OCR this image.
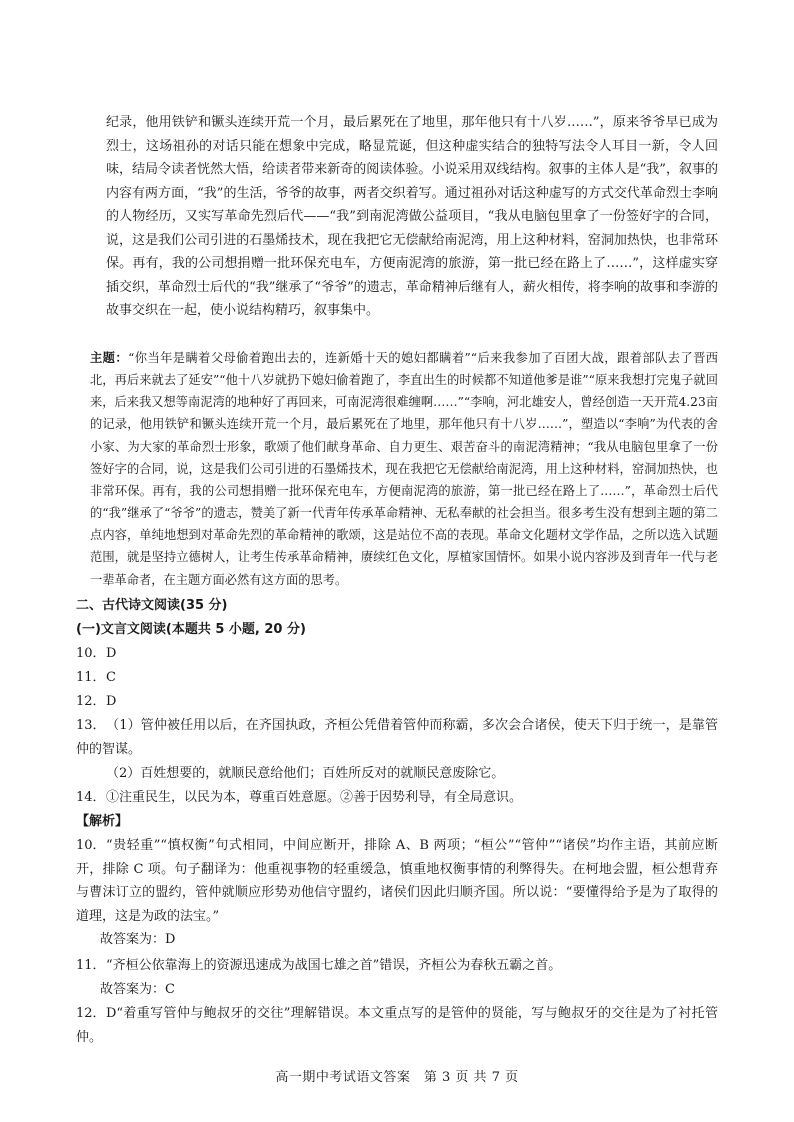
纪录，他用铁铲和镢头连续开荒一个月，最后累死在了地里，那年他只有十八岁……”，原来爷爷早已成为烈士，这场祖孙的对话只能在想象中完成，略显荒诞，但这种虚实结合的独特写法令人耳目一新，令人回味，结局令读者恍然大悟，给读者带来新奇的阅读体验。小说采用双线结构。叙事的主体人是“我”，叙事的内容有两方面，“我”的生活，爷爷的故事，两者交织着写。通过祖孙对话这种虚写的方式交代革命烈士李响的人物经历，又实写革命先烈后代——“我”到南泥湾做公益项目，“我从电脑包里拿了一份签好字的合同，说，这是我们公司引进的石墨烯技术，现在我把它无偿献给南泥湾，用上这种材料，窑洞加热快，也非常环保。再有，我的公司想捐赠一批环保充电车，方便南泥湾的旅游，第一批已经在路上了……”，这样虚实穿插交织，革命烈士后代的“我”继承了“爷爷”的遗志，革命精神后继有人，薪火相传，将李响的故事和李游的故事交织在一起，使小说结构精巧，叙事集中。

主题：“你当年是瞒着父母偷着跑出去的，连新婚十天的媳妇都瞒着”“后来我参加了百团大战，跟着部队去了晋西北，再后来就去了延安”“他十八岁就扔下媳妇偷着跑了，李直出生的时候都不知道他爹是谁”“原来我想打完鬼子就回来，后来我又想等南泥湾的地种好了再回来，可南泥湾很难缠啊……”“李响，河北雄安人，曾经创造一天开荒4.23亩的记录，他用铁铲和镢头连续开荒一个月，最后累死在了地里，那年他只有十八岁……”，塑造以“李响”为代表的舍小家、为大家的革命烈士形象，歌颂了他们献身革命、自力更生、艰苦奋斗的南泥湾精神；“我从电脑包里拿了一份签好字的合同，说，这是我们公司引进的石墨烯技术，现在我把它无偿献给南泥湾，用上这种材料，窑洞加热快，也非常环保。再有，我的公司想捐赠一批环保充电车，方便南泥湾的旅游，第一批已经在路上了……”，革命烈士后代的“我”继承了“爷爷”的遗志，赞美了新一代青年传承革命精神、无私奉献的社会担当。很多考生没有想到主题的第二点内容，单纯地想到对革命先烈的革命精神的歌颂，这是站位不高的表现。革命文化题材文学作品，之所以选入试题范围，就是坚持立德树人，让考生传承革命精神，赓续红色文化，厚植家国情怀。如果小说内容涉及到青年一代与老一辈革命者，在主题方面必然有这方面的思考。

二、古代诗文阅读(35 分)
(一)文言文阅读(本题共 5 小题, 20 分)
10．D
11．C
12．D
13．（1）管仲被任用以后，在齐国执政，齐桓公凭借着管仲而称霸，多次会合诸侯，使天下归于统一，是靠管仲的智谋。
（2）百姓想要的，就顺民意给他们；百姓所反对的就顺民意废除它。
14．①注重民生，以民为本，尊重百姓意愿。②善于因势利导，有全局意识。
【解析】
10．“贵轻重”“慎权衡”句式相同，中间应断开，排除 A、B 两项；“桓公”“管仲”“诸侯”均作主语，其前应断开，排除 C 项。句子翻译为：他重视事物的轻重缓急，慎重地权衡事情的利弊得失。在柯地会盟，桓公想背弃与曹沫订立的盟约，管仲就顺应形势劝他信守盟约，诸侯们因此归顺齐国。所以说：“要懂得给予是为了取得的道理，这是为政的法宝。”
故答案为：D
11．“齐桓公依靠海上的资源迅速成为战国七雄之首”错误，齐桓公为春秋五霸之首。
故答案为：C
12．D“着重写管仲与鲍叔牙的交往”理解错误。本文重点写的是管仲的贤能，写与鲍叔牙的交往是为了衬托管仲。
高一期中考试语文答案　第 3 页 共 7 页
